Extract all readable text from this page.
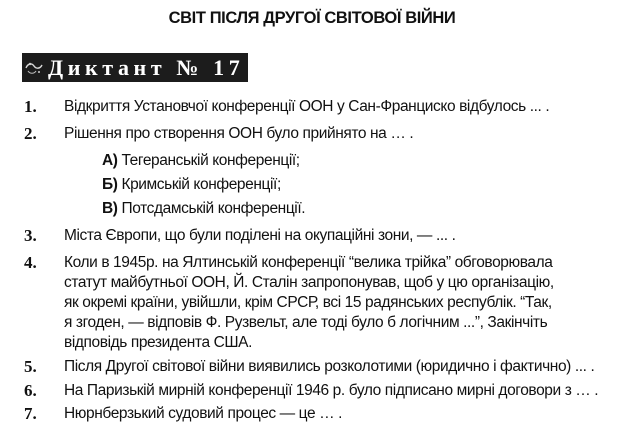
СВІТ ПІСЛЯ ДРУГОЇ СВІТОВОЇ ВІЙНИ
Диктант № 17
1. Відкриття Установчої конференції ООН у Сан-Франциско відбулось ... .
2. Рішення про створення ООН було прийнято на … .
А) Тегеранській конференції;
Б) Кримській конференції;
В) Потсдамській конференції.
3. Міста Європи, що були поділені на окупаційні зони, — ... .
4. Коли в 1945р. на Ялтинській конференції “велика трійка” обговорювала
статут майбутньої ООН, Й. Сталін запропонував, щоб у цю організацію,
як окремі країни, увійшли, крім СРСР, всі 15 радянських республік. “Так,
я згоден, — відповів Ф. Рузвельт, але тоді було б логічним ...”, Закінчіть
відповідь президента США.
5. Після Другої світової війни виявились розколотими (юридично і фактично) ... .
6. На Паризькій мирній конференції 1946 р. було підписано мирні договори з … .
7. Нюрнберзький судовий процес — це … .
